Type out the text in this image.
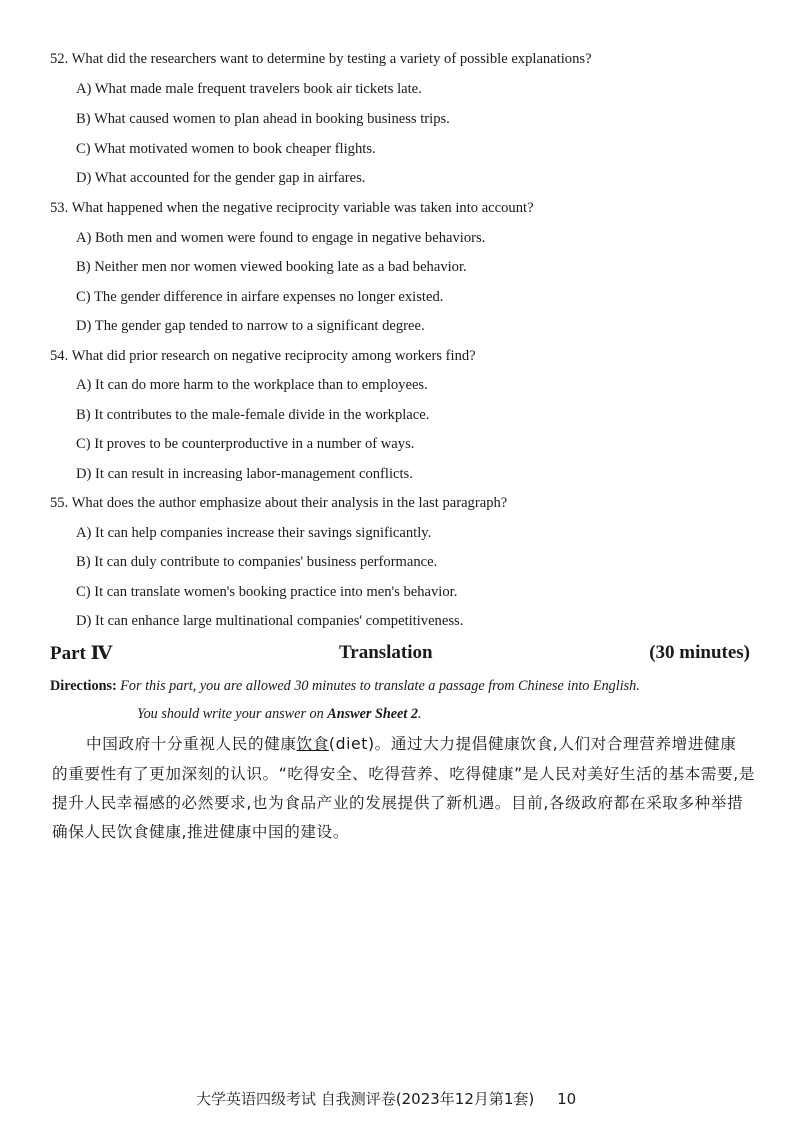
52. What did the researchers want to determine by testing a variety of possible explanations?
A) What made male frequent travelers book air tickets late.
B) What caused women to plan ahead in booking business trips.
C) What motivated women to book cheaper flights.
D) What accounted for the gender gap in airfares.
53. What happened when the negative reciprocity variable was taken into account?
A) Both men and women were found to engage in negative behaviors.
B) Neither men nor women viewed booking late as a bad behavior.
C) The gender difference in airfare expenses no longer existed.
D) The gender gap tended to narrow to a significant degree.
54. What did prior research on negative reciprocity among workers find?
A) It can do more harm to the workplace than to employees.
B) It contributes to the male-female divide in the workplace.
C) It proves to be counterproductive in a number of ways.
D) It can result in increasing labor-management conflicts.
55. What does the author emphasize about their analysis in the last paragraph?
A) It can help companies increase their savings significantly.
B) It can duly contribute to companies' business performance.
C) It can translate women's booking practice into men's behavior.
D) It can enhance large multinational companies' competitiveness.
Part Ⅳ	Translation	(30 minutes)
Directions: For this part, you are allowed 30 minutes to translate a passage from Chinese into English.
You should write your answer on Answer Sheet 2.
中国政府十分重视人民的健康饮食(diet)。通过大力提倡健康饮食,人们对合理营养增进健康
的重要性有了更加深刻的认识。“吃得安全、吃得营养、吃得健康”是人民对美好生活的基本需要,是
提升人民幸福感的必然要求,也为食品产业的发展提供了新机遇。目前,各级政府都在采取多种举措
确保人民饮食健康,推进健康中国的建设。
大学英语四级考试 自我测评卷(2023年12月第1套) 10
